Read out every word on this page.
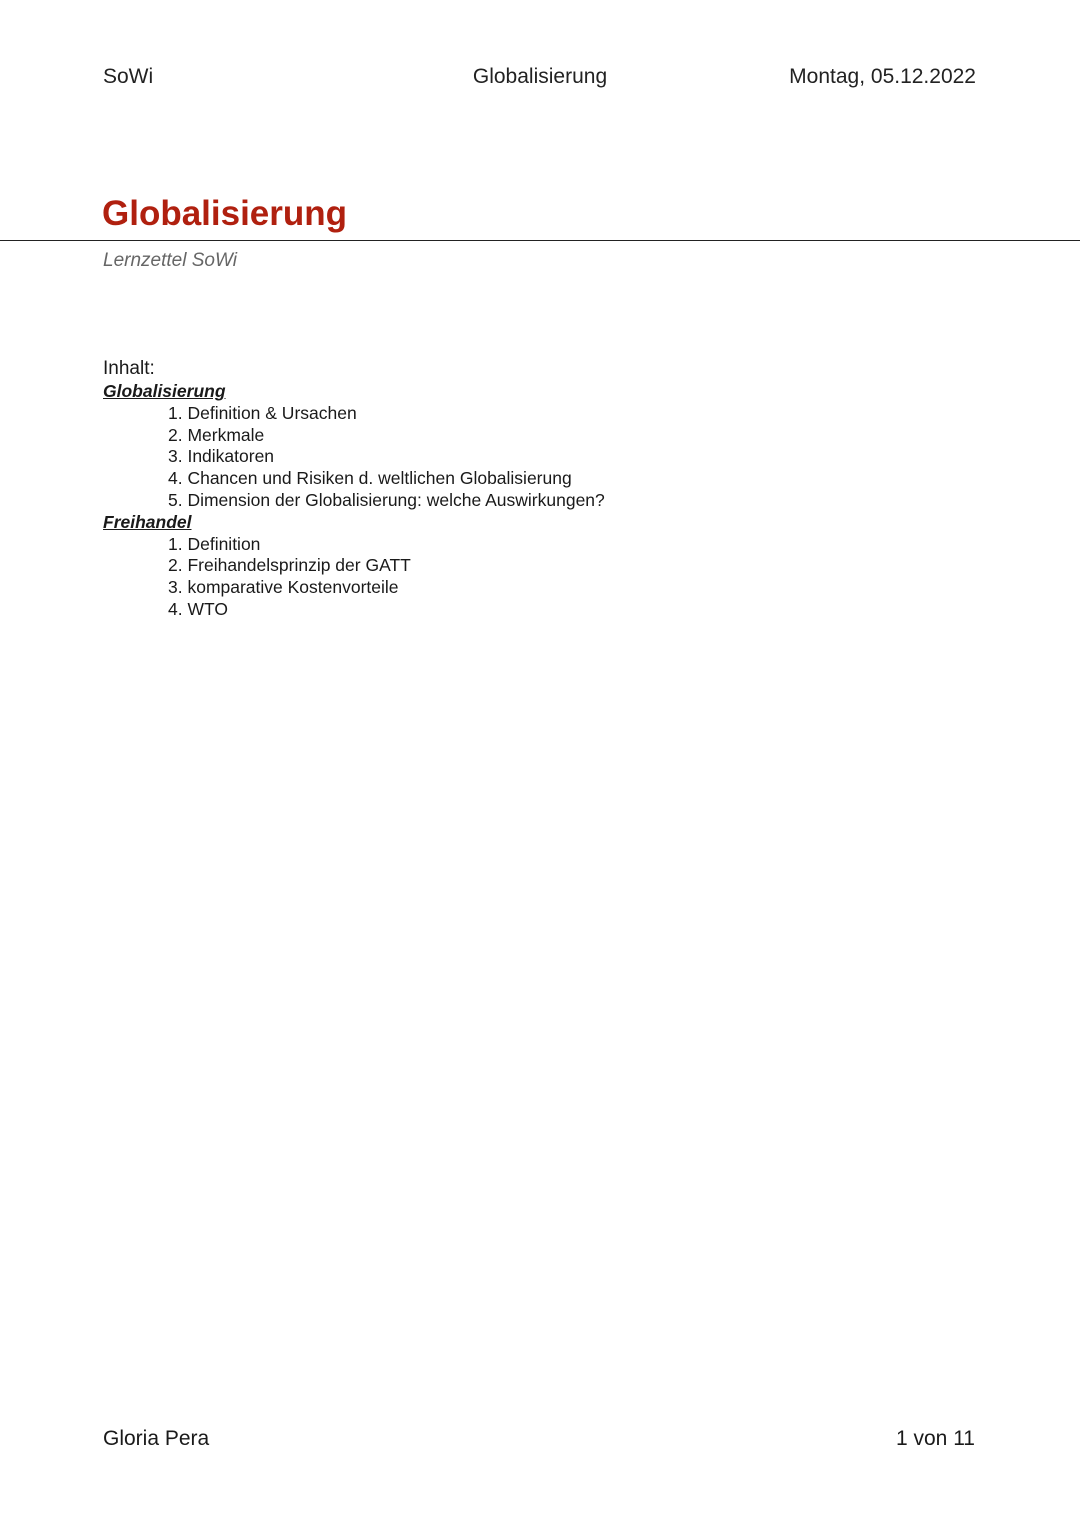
SoWi	Globalisierung	Montag, 05.12.2022
Globalisierung
Lernzettel SoWi
Inhalt:
Globalisierung
1. Definition & Ursachen
2. Merkmale
3. Indikatoren
4. Chancen und Risiken d. weltlichen Globalisierung
5. Dimension der Globalisierung: welche Auswirkungen?
Freihandel
1. Definition
2. Freihandelsprinzip der GATT
3. komparative Kostenvorteile
4. WTO
Gloria Pera	1 von 11
